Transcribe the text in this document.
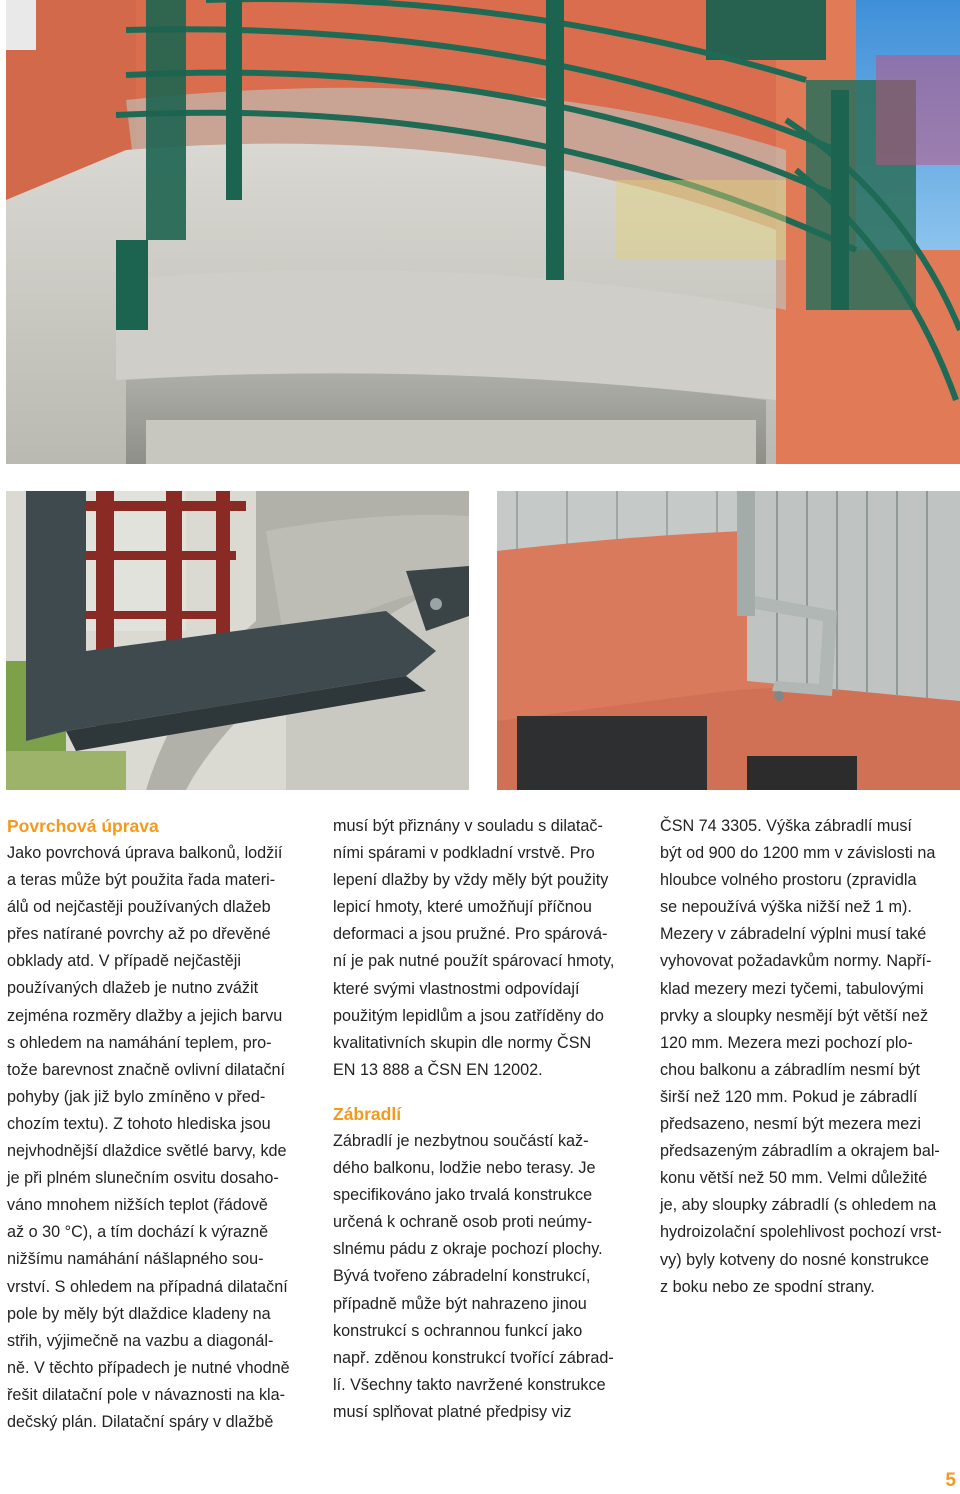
Povrchová úprava

Jako povrchová úprava balkonů, lodžií

a teras může být použita řada materi-

álů od nejčastěji používaných dlažeb

přes natírané povrchy až po dřevěné

obklady atd. V případě nejčastěji

používaných dlažeb je nutno zvážit

zejména rozměry dlažby a jejich barvu

s ohledem na namáhání teplem, pro-

tože barevnost značně ovlivní dilatační

pohyby (jak již bylo zmíněno v před-

chozím textu). Z tohoto hlediska jsou

nejvhodnější dlaždice světlé barvy, kde

je při plném slunečním osvitu dosaho-

váno mnohem nižších teplot (řádově

až o 30 °C), a tím dochází k výrazně

nižšímu namáhání nášlapného sou-

vrství. S ohledem na případná dilatační

pole by měly být dlaždice kladeny na

střih, výjimečně na vazbu a diagonál-

ně. V těchto případech je nutné vhodně

řešit dilatační pole v návaznosti na kla-

dečský plán. Dilatační spáry v dlažbě

musí být přiznány v souladu s dilatač-

ními spárami v podkladní vrstvě. Pro

lepení dlažby by vždy měly být použity

lepicí hmoty, které umožňují příčnou

deformaci a jsou pružné. Pro spárová-

ní je pak nutné použít spárovací hmoty,

které svými vlastnostmi odpovídají

použitým lepidlům a jsou zatříděny do

kvalitativních skupin dle normy ČSN

EN 13 888 a ČSN EN 12002.

Zábradlí

Zábradlí je nezbytnou součástí kaž-

dého balkonu, lodžie nebo terasy. Je

specifikováno jako trvalá konstrukce

určená k ochraně osob proti neúmy-

slnému pádu z okraje pochozí plochy.

Bývá tvořeno zábradelní konstrukcí,

případně může být nahrazeno jinou

konstrukcí s ochrannou funkcí jako

např. zděnou konstrukcí tvořící zábrad-

lí. Všechny takto navržené konstrukce

musí splňovat platné předpisy viz

ČSN 74 3305. Výška zábradlí musí

být od 900 do 1200 mm v závislosti na

hloubce volného prostoru (zpravidla

se nepoužívá výška nižší než 1 m).

Mezery v zábradelní výplni musí také

vyhovovat požadavkům normy. Napří-

klad mezery mezi tyčemi, tabulovými

prvky a sloupky nesmějí být větší než

120 mm. Mezera mezi pochozí plo-

chou balkonu a zábradlím nesmí být

širší než 120 mm. Pokud je zábradlí

předsazeno, nesmí být mezera mezi

předsazeným zábradlím a okrajem bal-

konu větší než 50 mm. Velmi důležité

je, aby sloupky zábradlí (s ohledem na

hydroizolační spolehlivost pochozí vrst-

vy) byly kotveny do nosné konstrukce

z boku nebo ze spodní strany.

5
